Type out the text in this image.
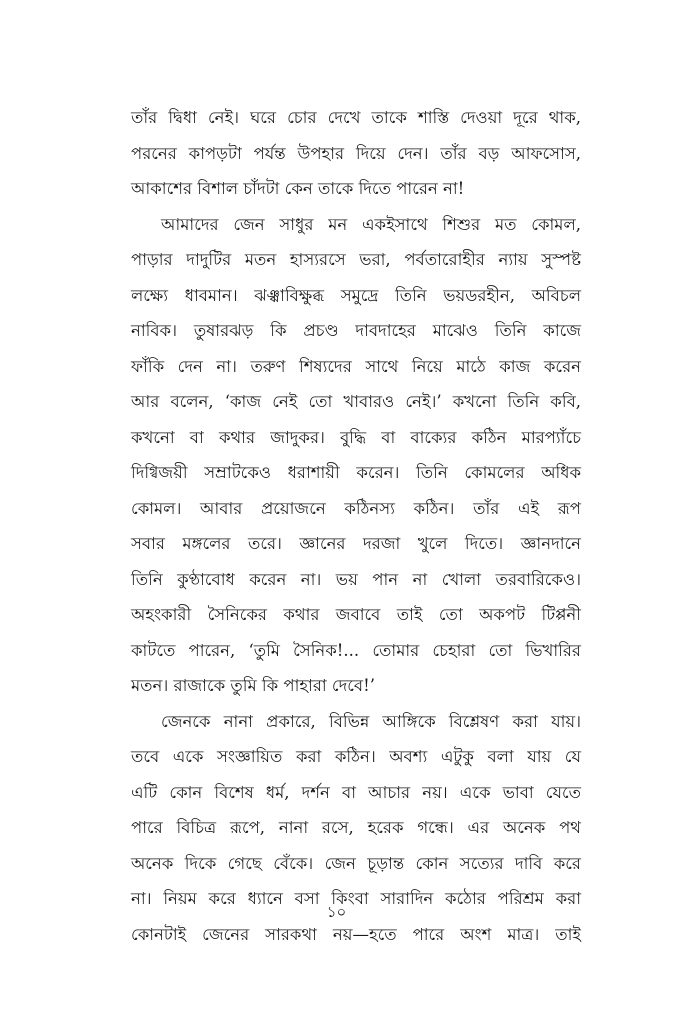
তাঁর দ্বিধা নেই। ঘরে চোর দেখে তাকে শাস্তি দেওয়া দূরে থাক,
পরনের কাপড়টা পর্যন্ত উপহার দিয়ে দেন। তাঁর বড় আফসোস,
আকাশের বিশাল চাঁদটা কেন তাকে দিতে পারেন না!
আমাদের জেন সাধুর মন একইসাথে শিশুর মত কোমল,
পাড়ার দাদুটির মতন হাস্যরসে ভরা, পর্বতারোহীর ন্যায় সুস্পষ্ট
লক্ষ্যে ধাবমান। ঝঞ্ঝাবিক্ষুব্ধ সমুদ্রে তিনি ভয়ডরহীন, অবিচল
নাবিক। তুষারঝড় কি প্রচণ্ড দাবদাহের মাঝেও তিনি কাজে
ফাঁকি দেন না। তরুণ শিষ্যদের সাথে নিয়ে মাঠে কাজ করেন
আর বলেন, ‘কাজ নেই তো খাবারও নেই।’ কখনো তিনি কবি,
কখনো বা কথার জাদুকর। বুদ্ধি বা বাক্যের কঠিন মারপ্যাঁচে
দিগ্বিজয়ী সম্রাটকেও ধরাশায়ী করেন। তিনি কোমলের অধিক
কোমল। আবার প্রয়োজনে কঠিনস্য কঠিন। তাঁর এই রূপ
সবার মঙ্গলের তরে। জ্ঞানের দরজা খুলে দিতে। জ্ঞানদানে
তিনি কুণ্ঠাবোধ করেন না। ভয় পান না খোলা তরবারিকেও।
অহংকারী সৈনিকের কথার জবাবে তাই তো অকপট টিপ্পনী
কাটতে পারেন, ‘তুমি সৈনিক!... তোমার চেহারা তো ভিখারির
মতন। রাজাকে তুমি কি পাহারা দেবে!’
জেনকে নানা প্রকারে, বিভিন্ন আঙ্গিকে বিশ্লেষণ করা যায়।
তবে একে সংজ্ঞায়িত করা কঠিন। অবশ্য এটুকু বলা যায় যে
এটি কোন বিশেষ ধর্ম, দর্শন বা আচার নয়। একে ভাবা যেতে
পারে বিচিত্র রূপে, নানা রসে, হরেক গন্ধে। এর অনেক পথ
অনেক দিকে গেছে বেঁকে। জেন চূড়ান্ত কোন সত্যের দাবি করে
না। নিয়ম করে ধ্যানে বসা কিংবা সারাদিন কঠোর পরিশ্রম করা
কোনটাই জেনের সারকথা নয়—হতে পারে অংশ মাত্র। তাই
১০
